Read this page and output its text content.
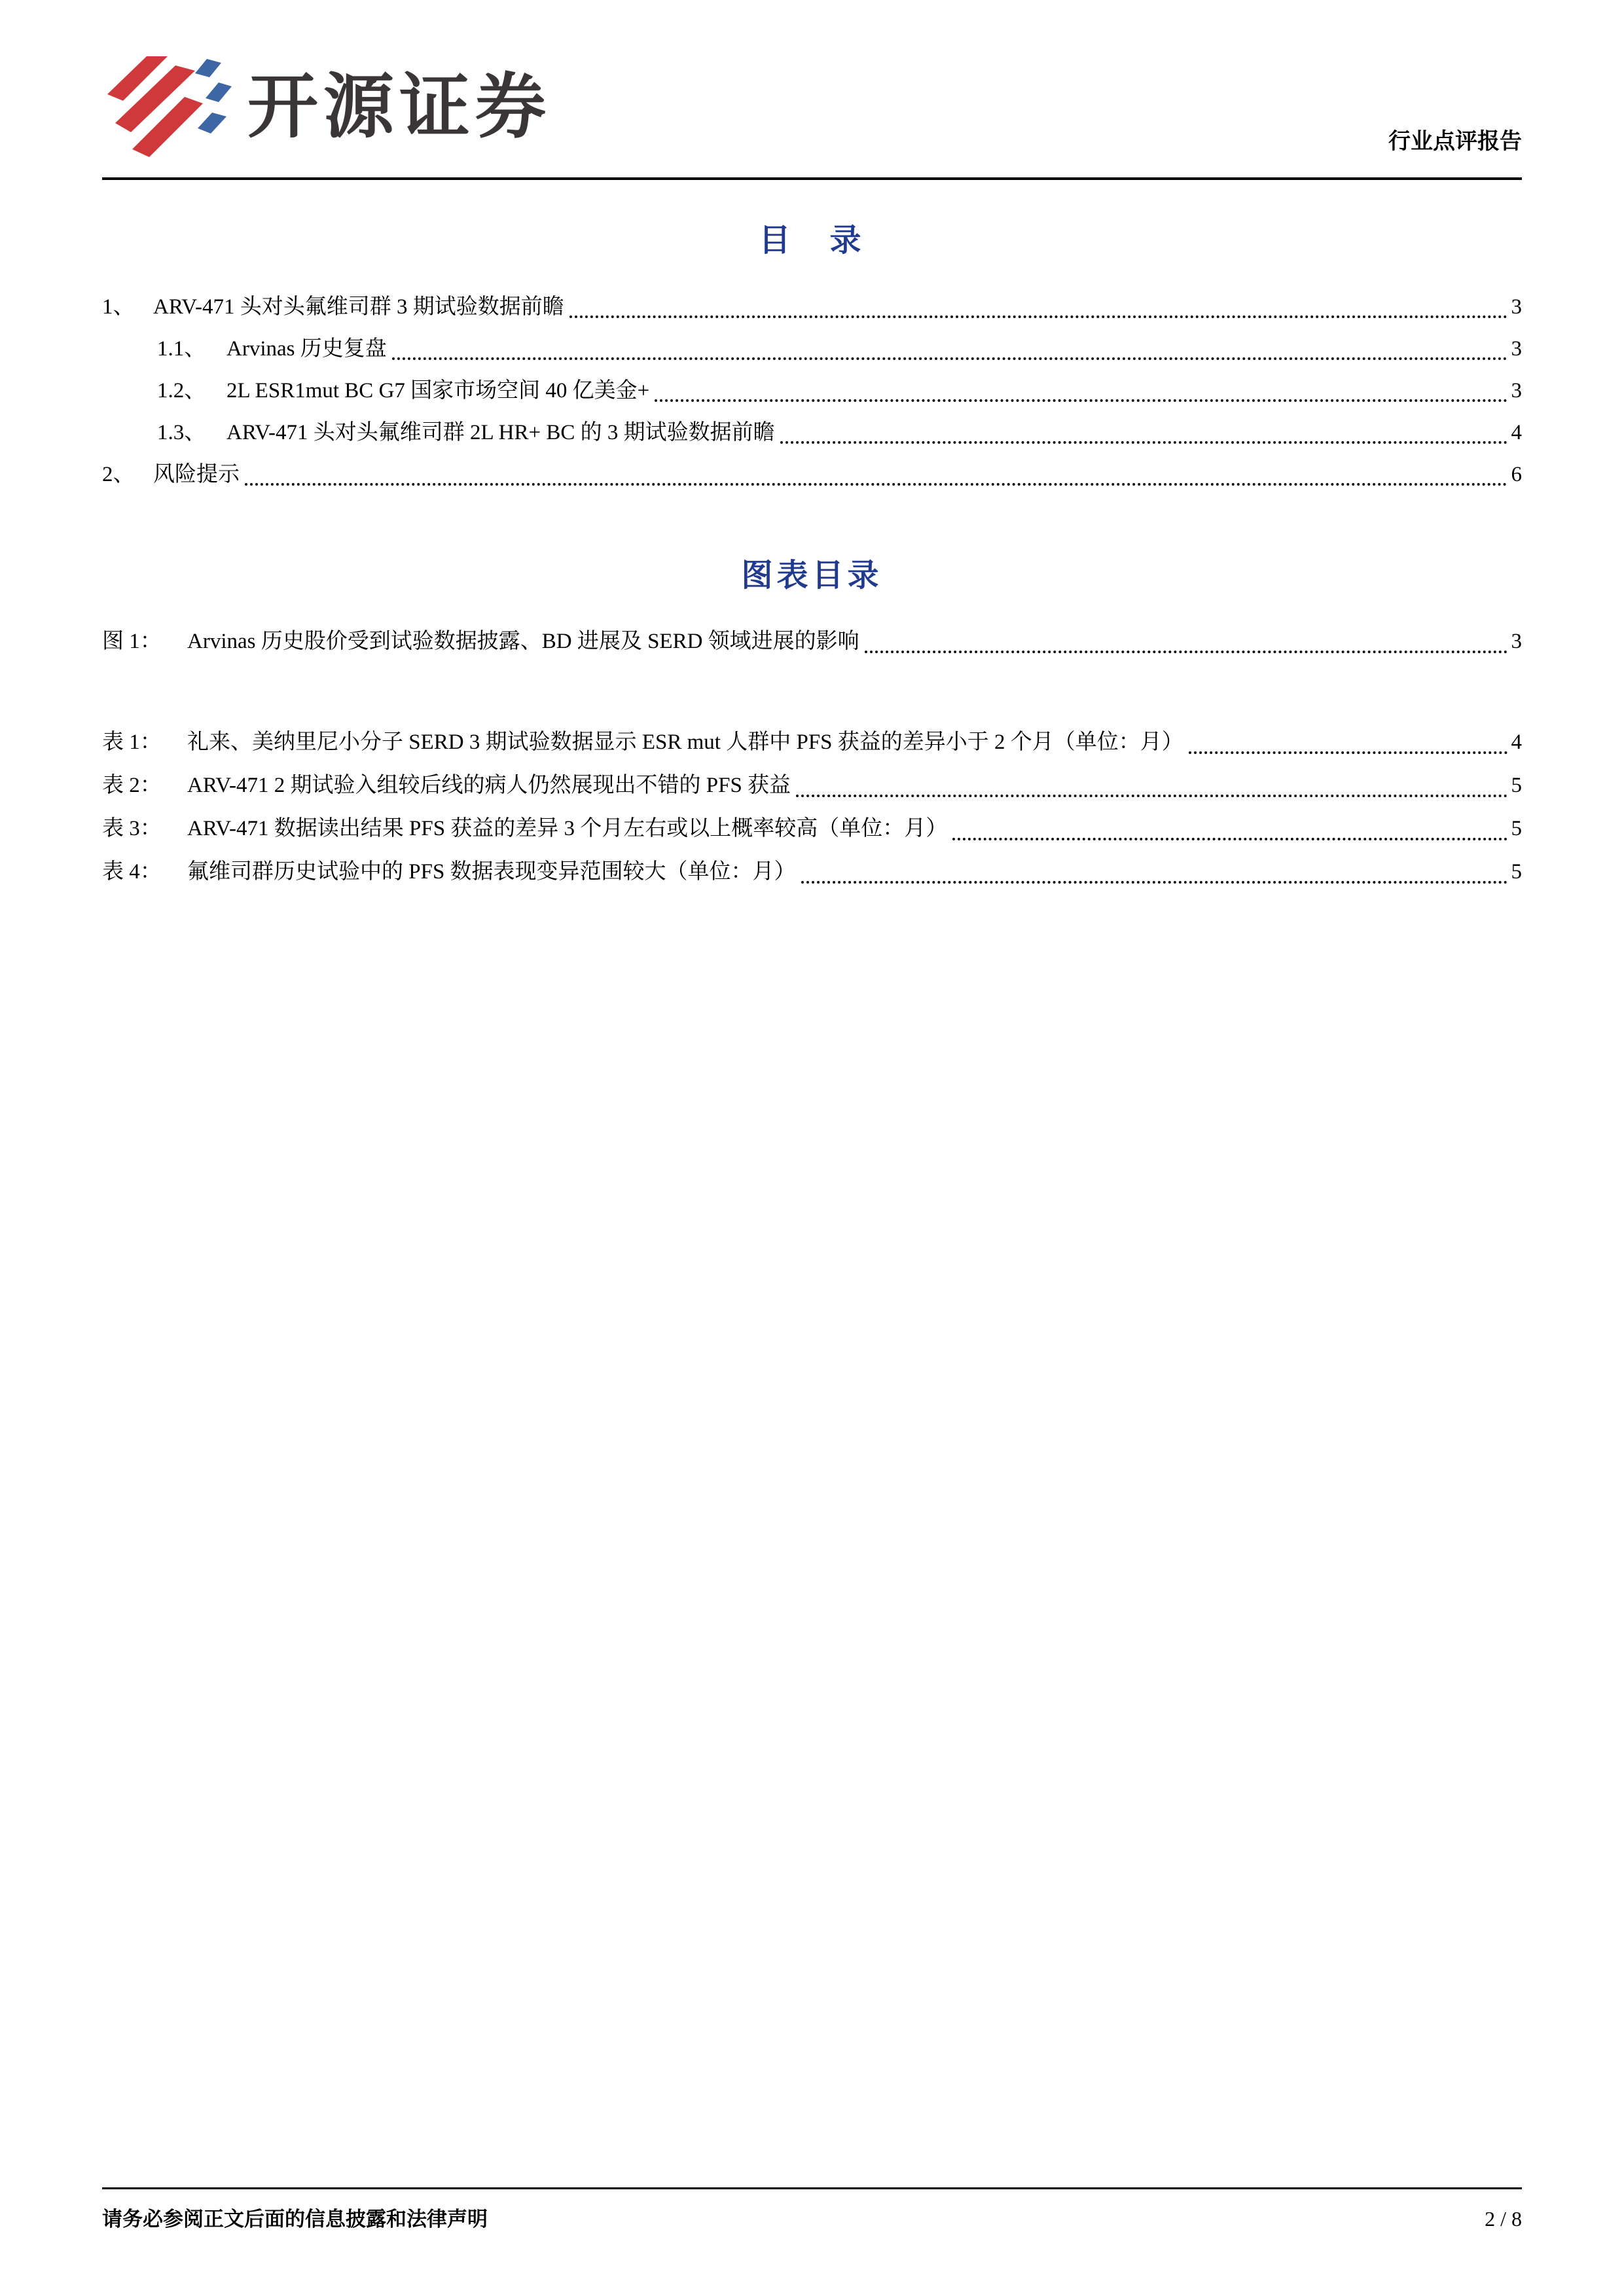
开源证券	行业点评报告
目　录
1、 ARV-471 头对头氟维司群 3 期试验数据前瞻	3
1.1、 Arvinas 历史复盘	3
1.2、 2L ESR1mut BC G7 国家市场空间 40 亿美金+	3
1.3、 ARV-471 头对头氟维司群 2L HR+ BC 的 3 期试验数据前瞻	4
2、 风险提示	6
图表目录
图 1：	Arvinas 历史股价受到试验数据披露、BD 进展及 SERD 领域进展的影响	3
表 1：	礼来、美纳里尼小分子 SERD 3 期试验数据显示 ESR mut 人群中 PFS 获益的差异小于 2 个月（单位：月）	4
表 2：	ARV-471 2 期试验入组较后线的病人仍然展现出不错的 PFS 获益	5
表 3：	ARV-471 数据读出结果 PFS 获益的差异 3 个月左右或以上概率较高（单位：月）	5
表 4：	氟维司群历史试验中的 PFS 数据表现变异范围较大（单位：月）	5
请务必参阅正文后面的信息披露和法律声明	2 / 8
